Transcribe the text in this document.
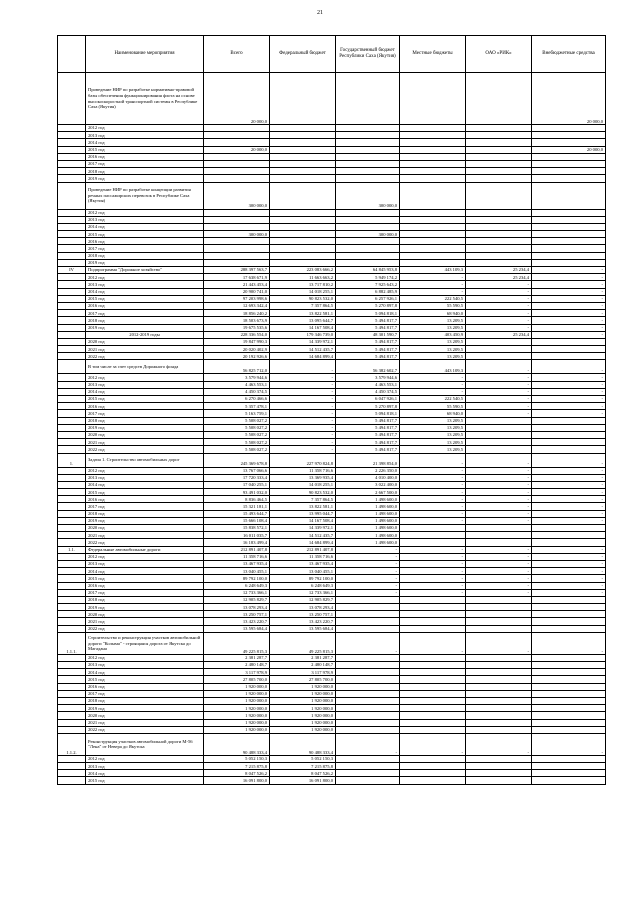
21
	Наименование мероприятия	Всего	Федеральный бюджет	Государственный бюджет Республики Саха (Якутия)	Местные бюджеты	ОАО «РИК»	Внебюджетные средства
	Проведение НИР по разработке нормативно-правовой базы обеспечения функционирования флота на основе высокоскоростной транспортной системы в Республике Саха (Якутия)	20 000,0					20 000,0
	2012 год						
	2013 год						
	2014 год						
	2015 год	20 000,0					20 000,0
	2016 год						
	2017 год						
	2018 год						
	2019 год						
	Проведение НИР по разработке концепции развития речных пассажирских перевозок в Республике Саха (Якутия)	300 000,0		300 000,0			
	2012 год						
	2013 год						
	2014 год						
	2015 год	300 000,0		300 000,0			
	2016 год						
	2017 год						
	2018 год						
	2019 год						
IV	Подпрограмма "Дорожное хозяйство"	288 397 563,7	223 083 666,2	64 845 953,8	443 109,3	25 234,4	-
	2012 год	17 638 671,9	11 663 663,2	5 949 174,2	-	25 234,4	-
	2013 год	21 443 453,4	13 717 810,2	7 925 643,2	-	-	-
	2014 год	20 900 741,0	14 018 255,1	6 882 485,9	-	-	-
	2015 год	97 203 998,6	90 823 532,0	6 257 926,1	222 540,5	-	-
	2016 год	12 693 342,4	7 357 864,5	5 270 897,8	55 590,5	-	-
	2017 год	18 856 240,2	13 822 581,1	5 094 818,1	68 940,0	-	-
	2018 год	18 503 673,9	13 095 644,7	5 494 817,7	13 209,5	-	-
	2019 год	19 675 535,6	14 167 508,4	5 494 817,7	13 209,5	-	-
	2012-2019 годы	228 336 554,0	179 346 739,0	48 301 590,7	403 450,9	25 234,4	-
	2020 год	19 847 990,3	14 339 972,1	5 494 817,7	13 209,5		
	2021 год	20 020 402,9	14 512 435,7	5 494 817,7	13 209,5		
	2022 год	20 192 926,6	14 684 899,4	5 494 817,7	13 209,5		
	В том числе за счет средств Дорожного фонда	56 825 712,0	-	56 382 602,7	443 109,3	-	-
	2012 год	3 579 944,6	-	3 579 944,6	-	-	-
	2013 год	4 463 553,1	-	4 463 553,1	-	-	-
	2014 год	4 450 374,5	-	4 450 374,5	-	-	-
	2015 год	6 270 466,6	-	6 047 926,1	222 540,5	-	-
	2016 год	5 357 478,1	-	5 270 897,8	55 590,5	-	-
	2017 год	5 163 759,1	-	5 094 818,1	68 940,0	-	-
	2018 год	5 508 027,2	-	5 494 817,7	13 209,5		
	2019 год	5 508 027,2	-	5 494 817,7	13 209,5		
	2020 год	5 508 027,2	-	5 494 817,7	13 209,5		
	2021 год	5 508 027,2	-	5 494 817,7	13 209,5		
	2022 год	5 508 027,2	-	5 494 817,7	13 209,5		
1.	Задача 1. Строительство автомобильных дорог	245 369 678,8	227 970 824,8	21 398 854,0	-	-	-
	2012 год	13 767 066,6	11 358 716,6	2 226 350,0	-	-	-
	2013 год	17 720 333,4	13 369 935,4	4 010 400,0	-	-	-
	2014 год	17 040 255,1	14 018 255,1	3 022 400,0	-	-	-
	2015 год	93 491 032,0	90 823 532,0	2 667 500,0	-	-	-
	2016 год	8 836 464,5	7 357 864,5	1 498 600,0	-	-	-
	2017 год	15 321 181,1	13 822 581,1	1 498 600,0	-	-	-
	2018 год	15 493 644,7	13 995 044,7	1 498 600,0	-	-	-
	2019 год	15 666 108,4	14 167 508,4	1 498 600,0	-	-	-
	2020 год	15 838 572,1	14 339 972,1	1 498 600,0			
	2021 год	16 011 035,7	14 512 435,7	1 498 600,0			
	2022 год	16 183 499,4	14 684 899,4	1 498 600,0			
1.1.	Федеральные автомобильные дороги	212 891 407,8	212 891 407,8	-	-	-	-
	2012 год	11 358 716,6	11 358 716,6	-	-	-	-
	2013 год	13 467 935,4	13 467 935,4	-	-	-	-
	2014 год	13 040 455,1	13 040 455,1	-	-	-	-
	2015 год	89 792 100,0	89 792 100,0	-	-	-	-
	2016 год	6 248 649,3	6 248 649,3	-	-	-	-
	2017 год	12 733 366,1	12 733 366,1	-	-	-	-
	2018 год	12 905 829,7	12 905 829,7				
	2019 год	13 078 293,4	13 078 293,4				
	2020 год	13 250 757,1	13 250 757,1				
	2021 год	13 423 220,7	13 423 220,7				
	2022 год	13 595 684,4	13 595 684,4				
1.1.1.	Строительство и реконструкция участков автомобильной дороги "Колыма" - строящаяся дорога от Якутска до Магадана	49 225 815,3	49 225 815,3	-	-	-	-
	2012 год	2 381 287,7	2 381 287,7				
	2013 год	2 480 148,7	2 480 148,7				
	2014 год	3 117 978,9	3 117 978,9				
	2015 год	27 805 700,0	27 805 700,0				
	2016 год	1 920 000,0	1 920 000,0				
	2017 год	1 920 000,0	1 920 000,0				
	2018 год	1 920 000,0	1 920 000,0				
	2019 год	1 920 000,0	1 920 000,0				
	2020 год	1 920 000,0	1 920 000,0				
	2021 год	1 920 000,0	1 920 000,0				
	2022 год	1 920 000,0	1 920 000,0				
1.1.2.	Реконструкция участков автомобильной дороги М-56 "Лена" от Невера до Якутска	90 488 333,4	90 488 333,4	-	-	-	-
	2012 год	5 052 150,3	5 052 150,3				
	2013 год	7 215 875,8	7 215 875,8				
	2014 год	8 047 526,2	8 047 526,2				
	2015 год	16 091 800,0	16 091 800,0				
